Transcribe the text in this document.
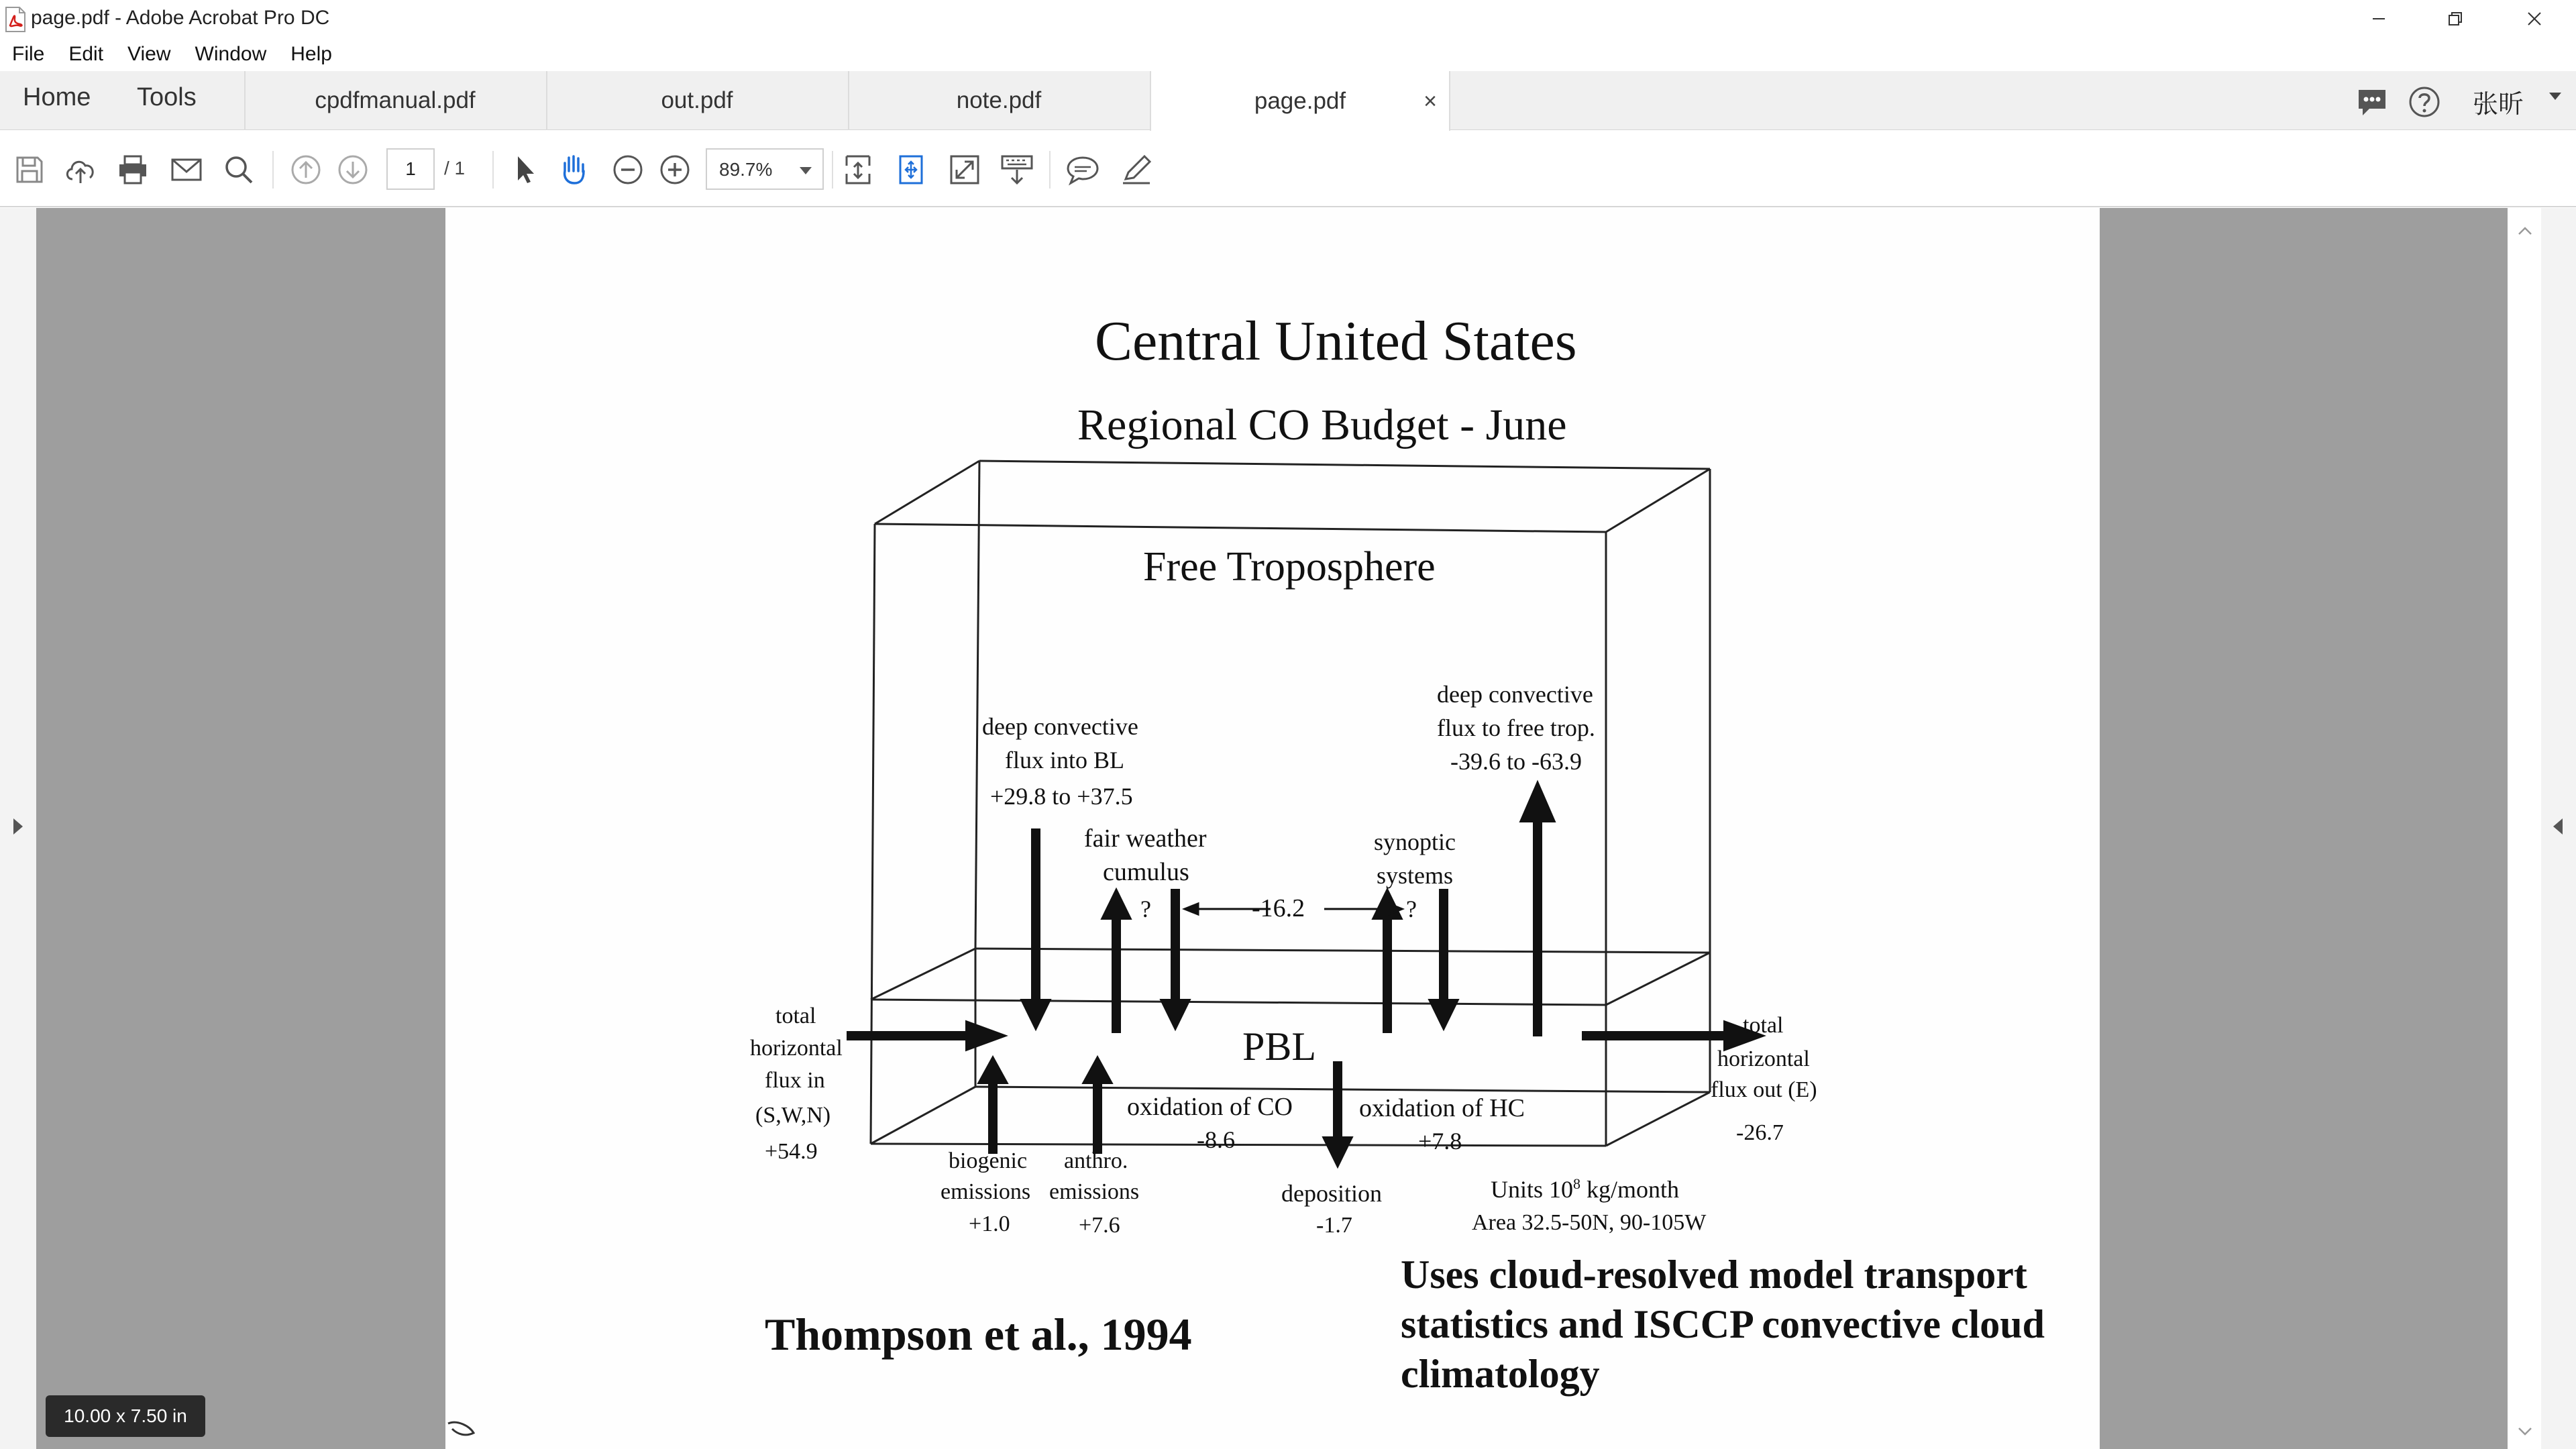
page.pdf - Adobe Acrobat Pro DC
File Edit View Window Help
Home Tools	cpdfmanual.pdf	out.pdf	note.pdf	page.pdf	×	张昕
1	/ 1	89.7%
Central United States
Regional CO Budget - June
Free Troposphere
deep convective
flux into BL
+29.8 to +37.5
deep convective
flux to free trop.
-39.6 to -63.9
fair weather
cumulus
?	-16.2
synoptic
systems
?
PBL
total
horizontal
flux in
(S,W,N)
+54.9
total
horizontal
flux out (E)
-26.7
oxidation of CO
-8.6
oxidation of HC
+7.8
biogenic
emissions
+1.0
anthro.
emissions
+7.6
deposition
-1.7
Units $10^8$ kg/month
Area 32.5-50N, 90-105W
Thompson et al., 1994
Uses cloud-resolved model transport
statistics and ISCCP convective cloud
climatology
10.00 x 7.50 in
